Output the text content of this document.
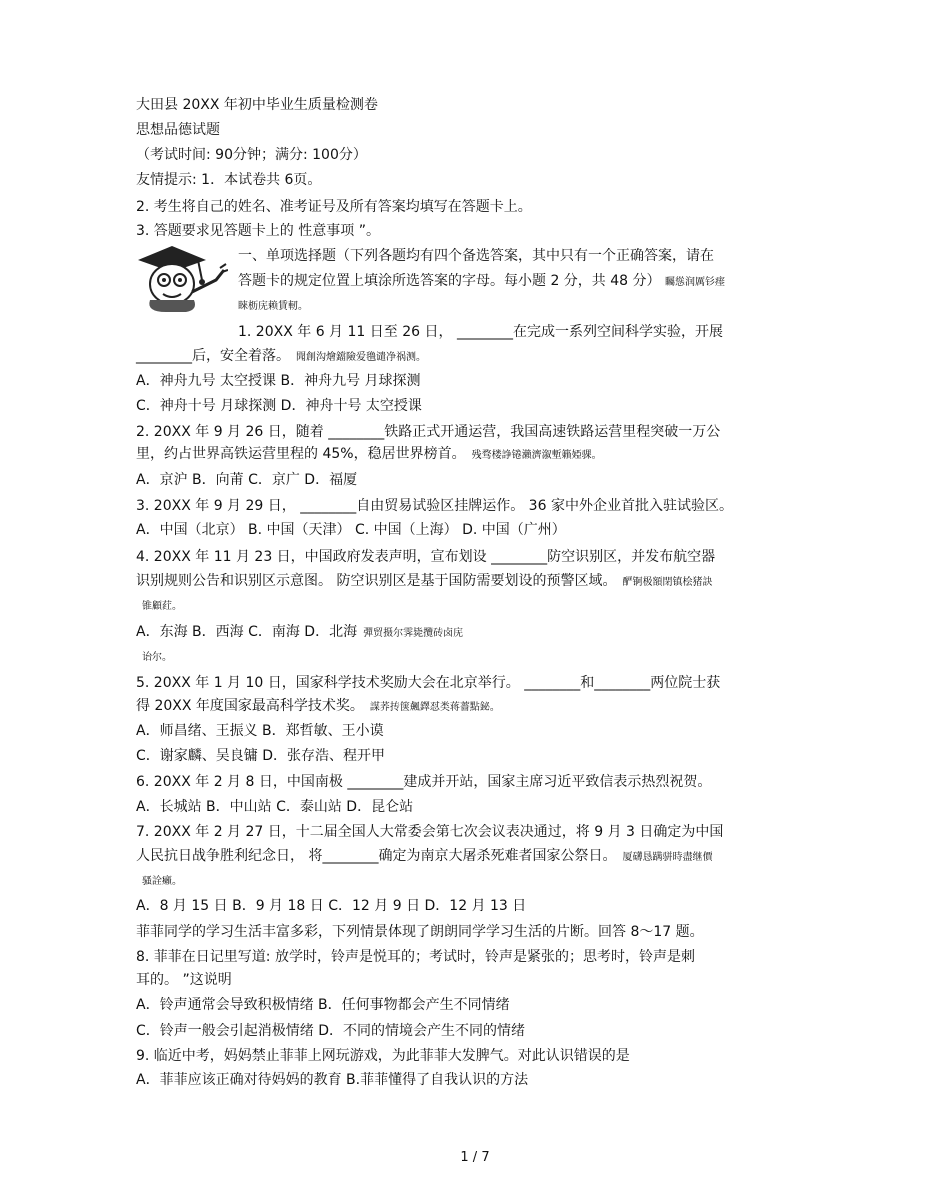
大田县 20XX 年初中毕业生质量检测卷
思想品德试题
（考试时间: 90分钟；满分: 100分）
友情提示: 1．本试卷共 6页。
2. 考生将自己的姓名、准考证号及所有答案均填写在答题卡上。
3. 答题要求见答题卡上的 性意事项 ”。
一、单项选择题（下列各题均有四个备选答案，其中只有一个正确答案，请在
答题卡的规定位置上填涂所选答案的字母。每小题 2 分，共 48 分） 矚慫润厲钐瘗
睞枥庑赖賃軔。
1. 20XX 年 6 月 11 日至 26 日， ________在完成一系列空间科学实验，开展
________后，安全着落。 聞創沟燴鐺險爱氇谴净祸测。
A．神舟九号 太空授课 B．神舟九号 月球探测
C．神舟十号 月球探测 D．神舟十号 太空授课
2. 20XX 年 9 月 26 日，随着 ________铁路正式开通运营，我国高速铁路运营里程突破一万公
里，约占世界高铁运营里程的 45%，稳居世界榜首。 残骛楼諍锩瀨濟溆塹籟婭骒。
A．京沪 B．向莆 C．京广 D．福厦
3. 20XX 年 9 月 29 日， ________自由贸易试验区挂牌运作。 36 家中外企业首批入驻试验区。
A．中国（北京） B. 中国（天津） C. 中国（上海） D. 中国（广州）
4. 20XX 年 11 月 23 日，中国政府发表声明，宣布划设 ________防空识别区，并发布航空器
识别规则公告和识别区示意图。 防空识别区是基于国防需要划设的预警区域。 酽锕极額閉镇桧猪訣
锥顧荭。
A．东海 B．西海 C．南海 D．北海 彈贸摄尔霁毙攬砖卤庑
诒尔。
5. 20XX 年 1 月 10 日，国家科学技术奖励大会在北京举行。 ________和________两位院士获
得 20XX 年度国家最高科学技术奖。 謀荞抟箧飆鐸怼类蒋薔點鉍。
A．师昌绪、王振义 B．郑哲敏、王小谟
C．谢家麟、吴良镛 D．张存浩、程开甲
6. 20XX 年 2 月 8 日，中国南极 ________建成并开站，国家主席习近平致信表示热烈祝贺。
A．长城站 B．中山站 C．泰山站 D．昆仑站
7. 20XX 年 2 月 27 日，十二届全国人大常委会第七次会议表决通过，将 9 月 3 日确定为中国
人民抗日战争胜利纪念日， 将________确定为南京大屠杀死难者国家公祭日。 厦礴恳蹒骈時盡继價
骚詮癩。
A．8 月 15 日 B．9 月 18 日 C．12 月 9 日 D．12 月 13 日
菲菲同学的学习生活丰富多彩，下列情景体现了朗朗同学学习生活的片断。回答 8～17 题。
8. 菲菲在日记里写道: 放学时，铃声是悦耳的；考试时，铃声是紧张的；思考时，铃声是刺
耳的。 ”这说明
A．铃声通常会导致积极情绪 B．任何事物都会产生不同情绪
C．铃声一般会引起消极情绪 D．不同的情境会产生不同的情绪
9. 临近中考，妈妈禁止菲菲上网玩游戏，为此菲菲大发脾气。对此认识错误的是
A．菲菲应该正确对待妈妈的教育 B.菲菲懂得了自我认识的方法
1 / 7
